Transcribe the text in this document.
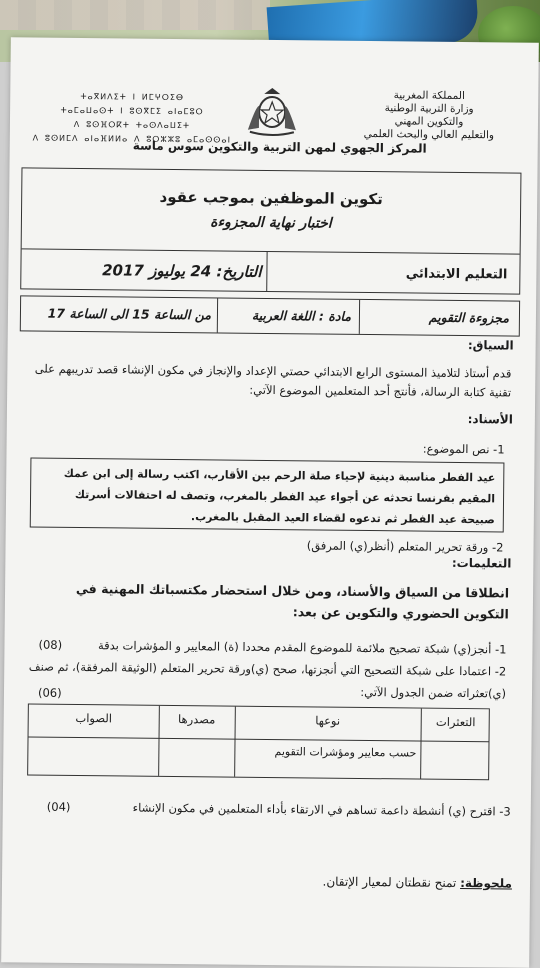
المملكة المغربية
وزارة التربية الوطنية
والتكوين المهني
والتعليم العالي والبحث العلمي
ⵜⴰⴳⵍⴷⵉⵜ ⵏ ⵍⵎⵖⵔⵉⴱ
ⵜⴰⵎⴰⵡⴰⵙⵜ ⵏ ⵓⵙⴳⵎⵉ ⴰⵏⴰⵎⵓⵔ
ⴷ ⵓⵙⴼⵔⴽⵜ ⵜⴰⵙⴷⴰⵡⵉⵜ
ⴷ ⵓⵙⵍⵎⴷ ⴰⵏⴰⴼⵍⵍⴰ ⴷ ⵓⵔⵣⵣⵓ ⴰⵎⴰⵙⵙⴰⵏ
المركز الجهوي لمهن التربية والتكوين سوس ماسة
تكوين الموظفين بموجب عقود
اختبار نهاية المجزوءة
التاريخ: 24 يوليوز 2017	التعليم الابتدائي
مجزوءة التقويم
مادة : اللغة العربية
من الساعة 15 الى الساعة 17
السياق:
قدم أستاذ لتلاميذ المستوى الرابع الابتدائي حصتي الإعداد والإنجاز في مكون الإنشاء قصد تدريبهم على تقنية كتابة الرسالة، فأنتج أحد المتعلمين الموضوع الآتي:
الأسناد:
1- نص الموضوع:
عيد الفطر مناسبة دينية لإحياء صلة الرحم بين الأقارب، اكتب رسالة إلى ابن عمك المقيم بفرنسا تحدثه عن أجواء عيد الفطر بالمغرب، وتصف له احتفالات أسرتك صبيحة عيد الفطر ثم تدعوه لقضاء العيد المقبل بالمغرب.
2- ورقة تحرير المتعلم (أنظر(ي) المرفق)
التعليمات:
انطلاقا من السياق والأسناد، ومن خلال استحضار مكتسباتك المهنية في التكوين الحضوري والتكوين عن بعد:
1- أنجز(ي) شبكة تصحيح ملائمة للموضوع المقدم محددا (ة) المعايير و المؤشرات بدقة
(08)
2- اعتمادا على شبكة التصحيح التي أنجزتها، صحح (ي)ورقة تحرير المتعلم (الوثيقة المرفقة)، ثم صنف (ي)تعثراته ضمن الجدول الآتي:
(06)
التعثرات
نوعها
مصدرها
الصواب
حسب معايير ومؤشرات التقويم
3- اقترح (ي) أنشطة داعمة تساهم في الارتقاء بأداء المتعلمين في مكون الإنشاء
(04)
ملحوظة: تمنح نقطتان لمعيار الإتقان.
